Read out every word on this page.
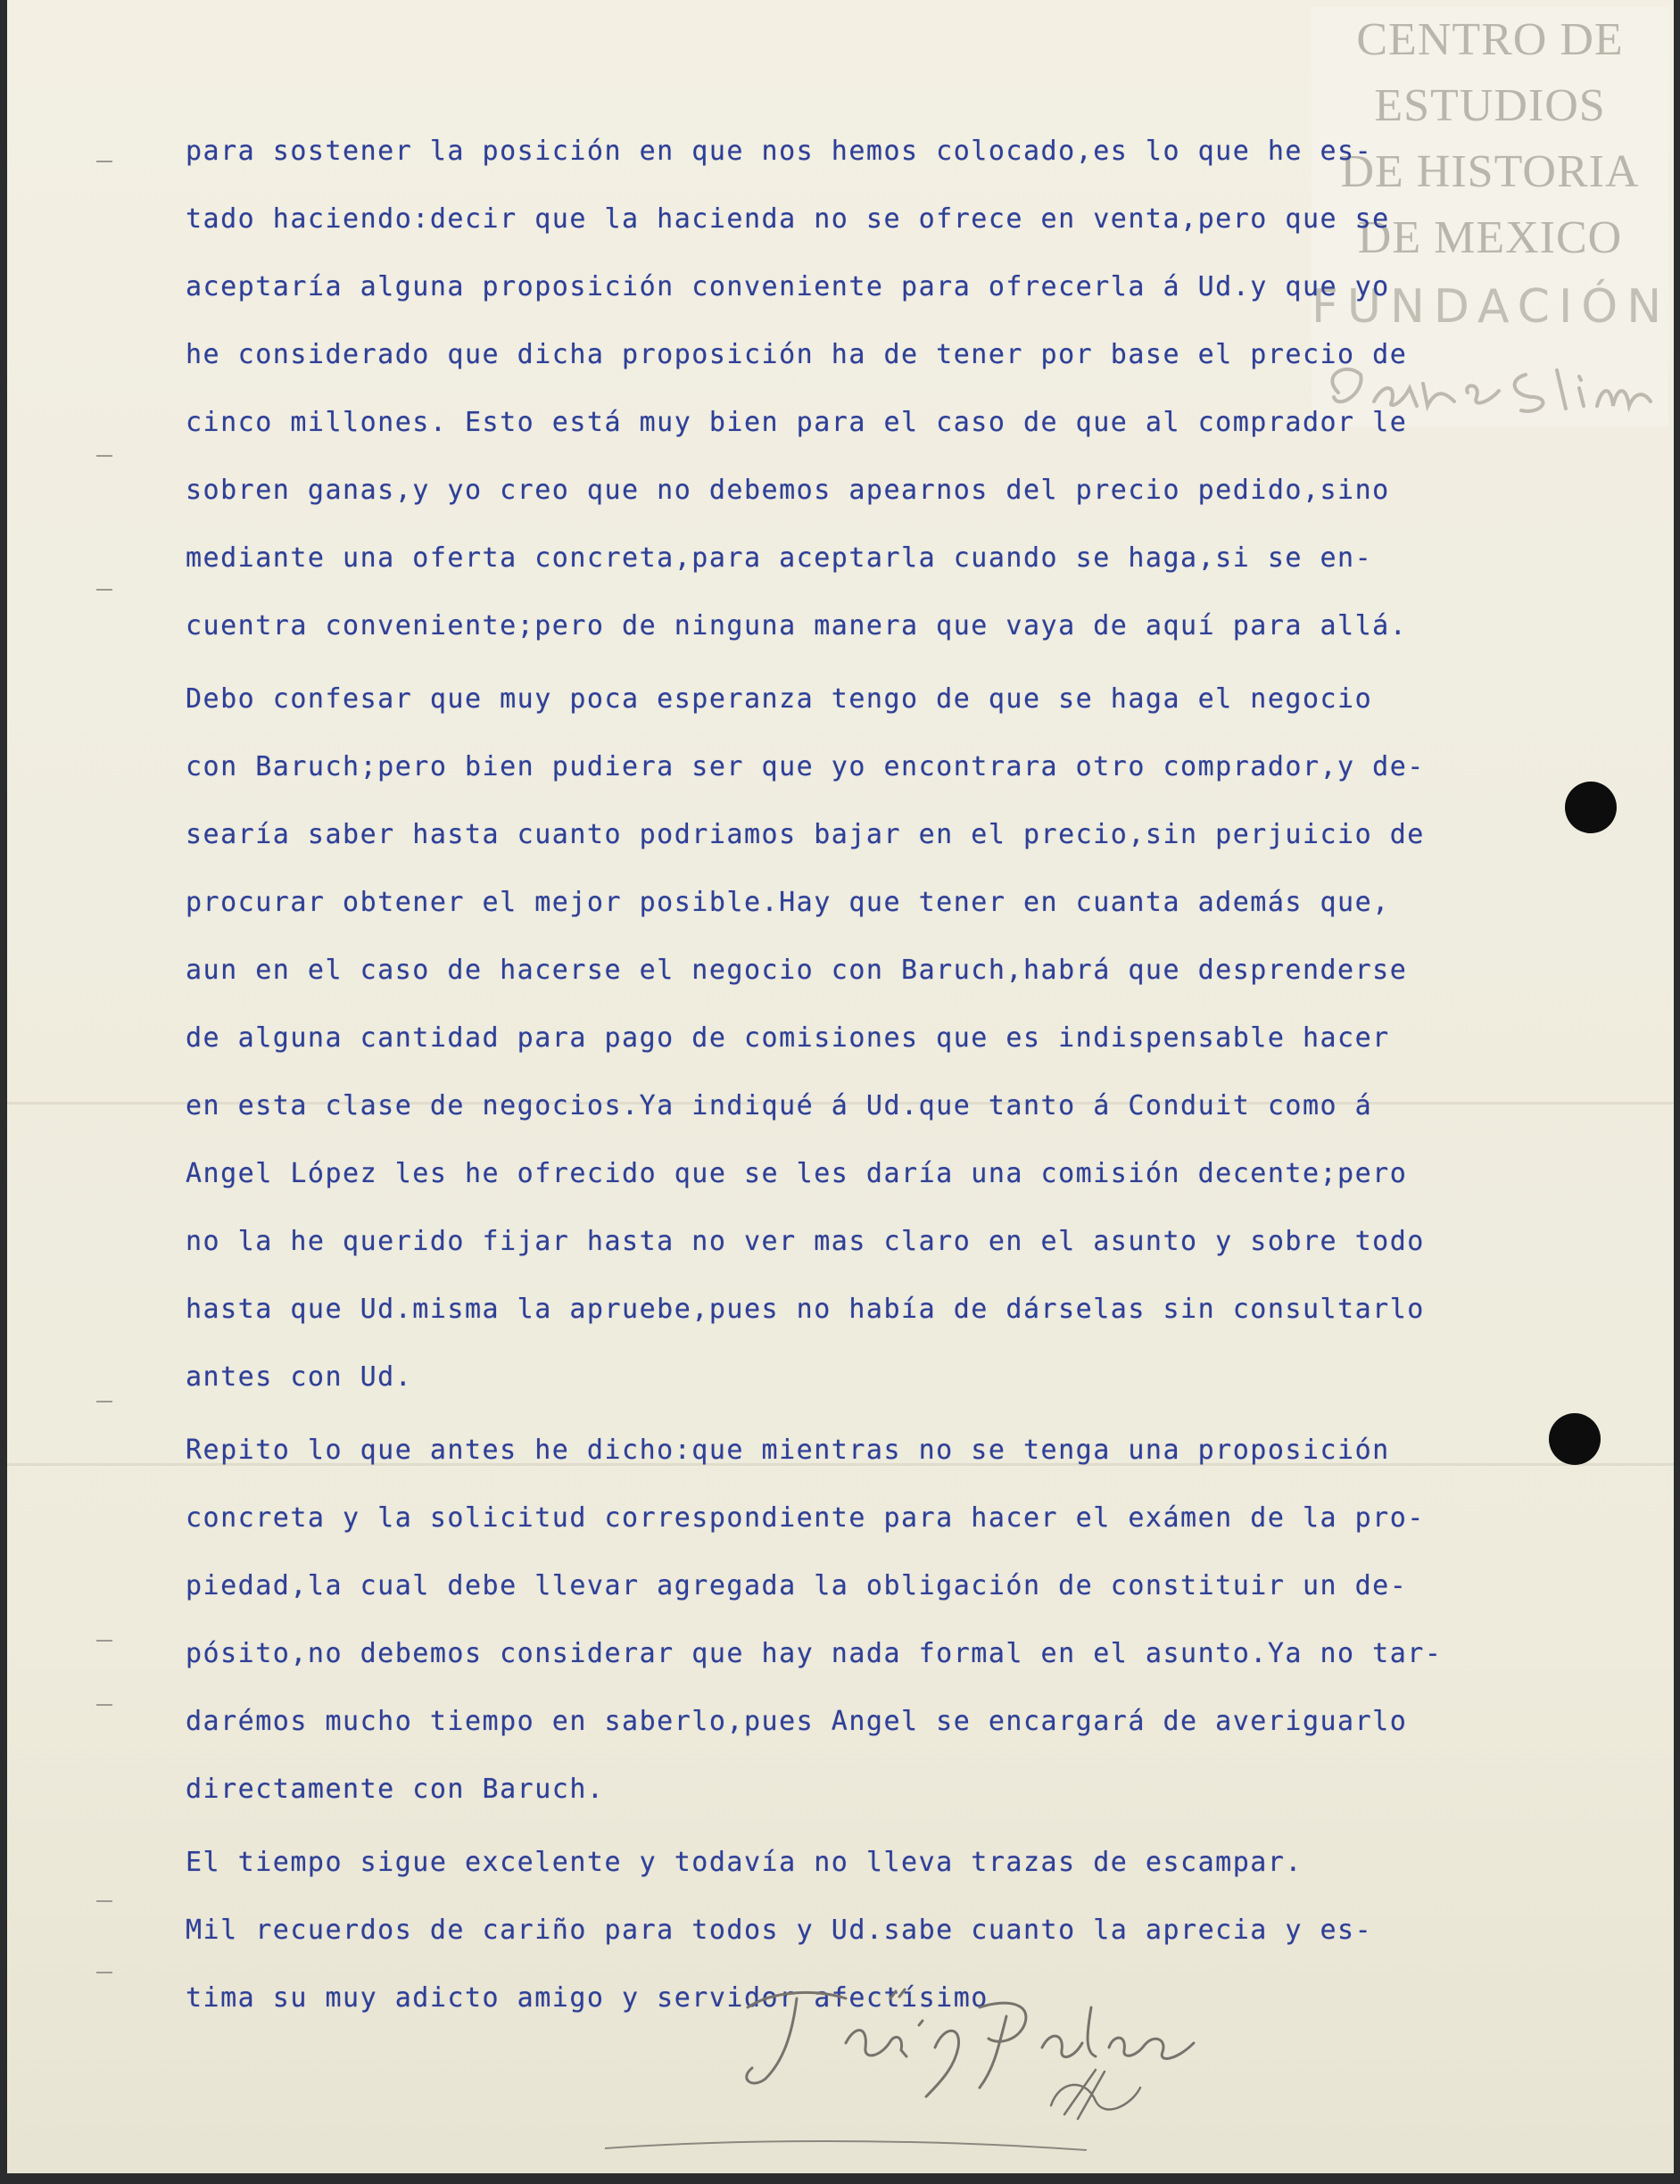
CENTRO DE
ESTUDIOS
DE HISTORIA
DE MEXICO
FUNDACIÓN
para sostener la posición en que nos hemos colocado,es lo que he es-
tado haciendo:decir que la hacienda no se ofrece en venta,pero que se
aceptaría alguna proposición conveniente para ofrecerla á Ud.y que yo
he considerado que dicha proposición ha de tener por base el precio de
cinco millones. Esto está muy bien para el caso de que al comprador le
sobren ganas,y yo creo que no debemos apearnos del precio pedido,sino
mediante una oferta concreta,para aceptarla cuando se haga,si se en-
cuentra conveniente;pero de ninguna manera que vaya de aquí para allá.
Debo confesar que muy poca esperanza tengo de que se haga el negocio
con Baruch;pero bien pudiera ser que yo encontrara otro comprador,y de-
searía saber hasta cuanto podriamos bajar en el precio,sin perjuicio de
procurar obtener el mejor posible.Hay que tener en cuanta además que,
aun en el caso de hacerse el negocio con Baruch,habrá que desprenderse
de alguna cantidad para pago de comisiones que es indispensable hacer
en esta clase de negocios.Ya indiqué á Ud.que tanto á Conduit como á
Angel López les he ofrecido que se les daría una comisión decente;pero
no la he querido fijar hasta no ver mas claro en el asunto y sobre todo
hasta que Ud.misma la apruebe,pues no había de dárselas sin consultarlo
antes con Ud.
Repito lo que antes he dicho:que mientras no se tenga una proposición
concreta y la solicitud correspondiente para hacer el exámen de la pro-
piedad,la cual debe llevar agregada la obligación de constituir un de-
pósito,no debemos considerar que hay nada formal en el asunto.Ya no tar-
darémos mucho tiempo en saberlo,pues Angel se encargará de averiguarlo
directamente con Baruch.
El tiempo sigue excelente y todavía no lleva trazas de escampar.
Mil recuerdos de cariño para todos y Ud.sabe cuanto la aprecia y es-
tima su muy adicto amigo y servidor afectísimo
